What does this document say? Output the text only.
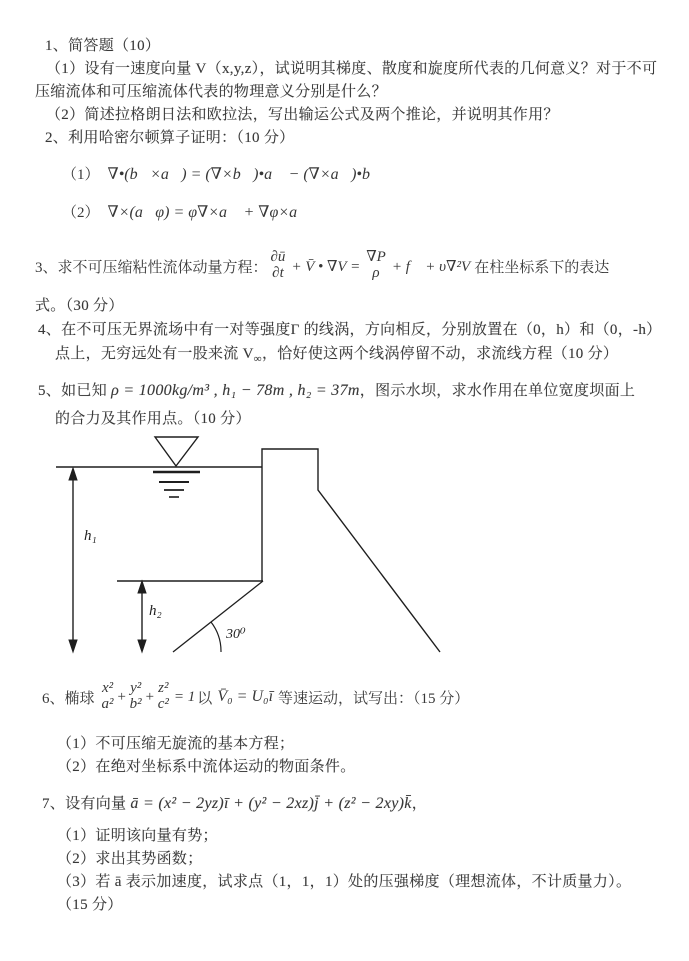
1、简答题（10）
（1）设有一速度向量 V（x,y,z），试说明其梯度、散度和旋度所代表的几何意义？对于不可
压缩流体和可压缩流体代表的物理意义分别是什么？
（2）简述拉格朗日法和欧拉法，写出输运公式及两个推论，并说明其作用？
2、利用哈密尔顿算子证明：（10 分）
（1） ∇•(b⃗×a⃗) = (∇×b⃗)•a⃗ − (∇×a⃗)•b⃗
（2） ∇×(a⃗φ) = φ∇×a⃗ + ∇φ×a⃗
3、求不可压缩粘性流体动量方程：
∂ū
∂t + V̄ • ∇V =
∇P
ρ + f⃗ + υ∇²V 在柱坐标系下的表达
式。（30 分）
4、在不可压无界流场中有一对等强度Γ 的线涡，方向相反，分别放置在（0，h）和（0，-h）
点上，无穷远处有一股来流 $V_\infty$，恰好使这两个线涡停留不动，求流线方程（10 分）
5、如已知 ρ = 1000kg/m³ , h₁ − 78m , h₂ = 37m，图示水坝，求水作用在单位宽度坝面上
的合力及其作用点。（10 分）
h₁
h₂
30⁰
6、椭球
x²
a² +
y²
b² +
z²
c² = 1 以 V̄₀ = U₀ī 等速运动，试写出：（15 分）
（1）不可压缩无旋流的基本方程；
（2）在绝对坐标系中流体运动的物面条件。
7、设有向量 ā = (x² − 2yz)ī + (y² − 2xz)j̄ + (z² − 2xy)k̄，
（1）证明该向量有势；
（2）求出其势函数；
（3）若 ā 表示加速度，试求点（1，1，1）处的压强梯度（理想流体，不计质量力）。
（15 分）
